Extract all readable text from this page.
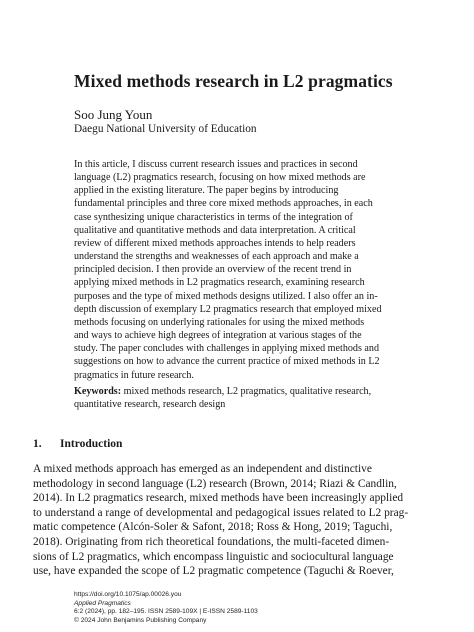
Mixed methods research in L2 pragmatics
Soo Jung Youn
Daegu National University of Education
In this article, I discuss current research issues and practices in second
language (L2) pragmatics research, focusing on how mixed methods are
applied in the existing literature. The paper begins by introducing
fundamental principles and three core mixed methods approaches, in each
case synthesizing unique characteristics in terms of the integration of
qualitative and quantitative methods and data interpretation. A critical
review of different mixed methods approaches intends to help readers
understand the strengths and weaknesses of each approach and make a
principled decision. I then provide an overview of the recent trend in
applying mixed methods in L2 pragmatics research, examining research
purposes and the type of mixed methods designs utilized. I also offer an in-
depth discussion of exemplary L2 pragmatics research that employed mixed
methods focusing on underlying rationales for using the mixed methods
and ways to achieve high degrees of integration at various stages of the
study. The paper concludes with challenges in applying mixed methods and
suggestions on how to advance the current practice of mixed methods in L2
pragmatics in future research.
Keywords: mixed methods research, L2 pragmatics, qualitative research,
quantitative research, research design
1. Introduction
A mixed methods approach has emerged as an independent and distinctive
methodology in second language (L2) research (Brown, 2014; Riazi & Candlin,
2014). In L2 pragmatics research, mixed methods have been increasingly applied
to understand a range of developmental and pedagogical issues related to L2 prag-
matic competence (Alcón-Soler & Safont, 2018; Ross & Hong, 2019; Taguchi,
2018). Originating from rich theoretical foundations, the multi-faceted dimen-
sions of L2 pragmatics, which encompass linguistic and sociocultural language
use, have expanded the scope of L2 pragmatic competence (Taguchi & Roever,
https://doi.org/10.1075/ap.00026.you
Applied Pragmatics
6:2 (2024), pp. 182–195. ISSN 2589-109X | E-ISSN 2589-1103
© 2024 John Benjamins Publishing Company
